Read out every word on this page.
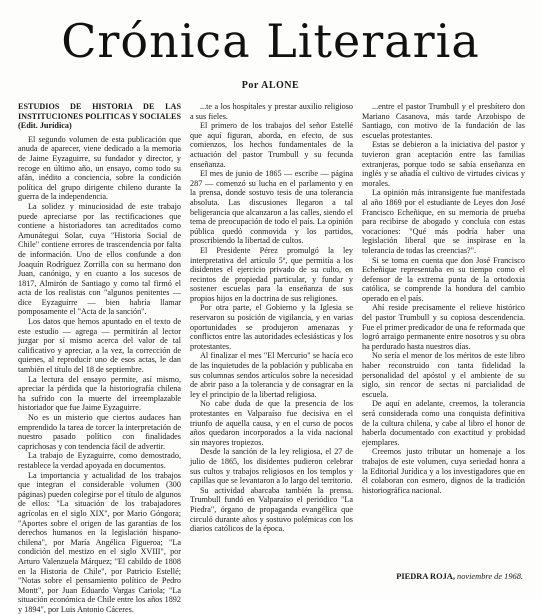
Crónica Literaria
Por ALONE

ESTUDIOS DE HISTORIA DE LAS INSTITUCIONES POLITICAS Y SOCIALES (Edit. Jurídica)

El segundo volumen de esta publicación que anuda de aparecer, viene dedicado a la memoria de Jaime Eyzaguirre, su fundador y director, y recoge en último año, un ensayo, como todo su afán, inédito a conciencia, sobre la condición política del grupo dirigente chileno durante la guerra de la independencia.

La solidez y minuciosidad de este trabajo puede apreciarse por las rectificaciones que contiene a historiadores tan acreditados como Amunátegui Solar, cuya "Historia Social de Chile" contiene errores de trascendencia por falta de información. Uno de ellos confunde a don Joaquín Rodríguez Zorrilla con su hermano don Juan, canónigo, y en cuanto a los sucesos de 1817, Almirón de Santiago y como tal firmó el acta de los realistas con "algunos penitentes — dice Eyzaguirre — bien habría llamar pomposamente el "Acta de la sanción".

Los datos que hemos apuntado en el texto de este estudio — agrega — permitirán al lector juzgar por sí mismo acerca del valor de tal calificativo y apreciar, a la vez, la corrección de quienes, al reproducir uno de esos actas, le dan también el título del 18 de septiembre.

La lectura del ensayo permite, así mismo, apreciar la pérdida que la historiografía chilena ha sufrido con la muerte del irreemplazable historiador que fue Jaime Eyzaguirre.

No es un misterio que ciertos audaces han emprendido la tarea de torcer la interpretación de nuestro pasado político con finalidades caprichosas y con tendencia fácil de advertir.

La trabajo de Eyzaguirre, como demostrado, restablece la verdad apoyada en documentos.

La importancia y actualidad de los trabajos que integran el considerable volumen (300 páginas) pueden colegirse por el título de algunos de ellos: "La situación de los trabajadores agrícolas en el siglo XIX", por Mario Góngora; "Aportes sobre el origen de las garantías de los derechos humanos en la legislación hispano-chilena", por María Angélica Figueroa; "La condición del mestizo en el siglo XVIII", por Arturo Valenzuela Márquez; "El cabildo de 1808 en la Historia de Chile", por Patricio Estellé; "Notas sobre el pensamiento político de Pedro Montt", por Juan Eduardo Vargas Cariola; "La situación económica de Chile entre los años 1892 y 1894", por Luis Antonio Cáceres.

...te a los hospitales y prestar auxilio religioso a sus fieles.

El primero de los trabajos del señor Estellé que aquí figuran, aborda, en efecto, de sus comienzos, los hechos fundamentales de la actuación del pastor Trumbull y su fecunda enseñanza.

El mes de junio de 1865 — escribe — página 287 — comenzó su lucha en el parlamento y en la prensa, donde sostuvo tesis de una tolerancia absoluta. Las discusiones llegaron a tal beligerancia que alcanzaron a las calles, siendo el tema de preocupación de todo el país. La opinión pública quedó conmovida y los partidos, proscribiendo la libertad de cultos.

El Presidente Pérez promulgó la ley interpretativa del artículo 5º, que permitía a los disidentes el ejercicio privado de su culto, en recintos de propiedad particular, y fundar y sostener escuelas para la enseñanza de sus propios hijos en la doctrina de sus religiones.

Por otra parte, el Gobierno y la Iglesia se reservaron su posición de vigilancia, y en varias oportunidades se produjeron amenazas y conflictos entre las autoridades eclesiásticas y los protestantes.

Al finalizar el mes "El Mercurio" se hacía eco de las inquietudes de la población y publicaba en sus columnas sendos artículos sobre la necesidad de abrir paso a la tolerancia y de consagrar en la ley el principio de la libertad religiosa.

No cabe duda de que la presencia de los protestantes en Valparaíso fue decisiva en el triunfo de aquella causa, y en el curso de pocos años quedaron incorporados a la vida nacional sin mayores tropiezos.

Desde la sanción de la ley religiosa, el 27 de julio de 1865, los disidentes pudieron celebrar sus cultos y trabajos religiosos en los templos y capillas que se levantaron a lo largo del territorio.

Su actividad abarcaba también la prensa. Trumbull fundó en Valparaíso el periódico "La Piedra", órgano de propaganda evangélica que circuló durante años y sostuvo polémicas con los diarios católicos de la época.

...entre el pastor Trumbull y el presbítero don Mariano Casanova, más tarde Arzobispo de Santiago, con motivo de la fundación de las escuelas protestantes.

Estas se debieron a la iniciativa del pastor y tuvieron gran aceptación entre las familias extranjeras, porque todo se sabía enseñanza en inglés y se añadía el cultivo de virtudes cívicas y morales.

La opinión más intransigente fue manifestada al año 1869 por el estudiante de Leyes don José Francisco Echeñique, en su memoria de prueba para recibirse de abogado y concluía con estas vocaciones: "Qué más podría haber una legislación liberal que se inspirase en la tolerancia de todas las creencias?".

Si se toma en cuenta que don José Francisco Echeñique representaba en su tiempo como el defensor de la extrema punta de la ortodoxia católica, se comprende la hondura del cambio operado en el país.

Ahí reside precisamente el relieve histórico del pastor Trumbull y su copiosa descendencia. Fue el primer predicador de una fe reformada que logró arraigo permanente entre nosotros y su obra ha perdurado hasta nuestros días.

No sería el menor de los méritos de este libro haber reconstruido con tanta fidelidad la personalidad del apóstol y el ambiente de su siglo, sin rencor de sectas ni parcialidad de escuela.

De aquí en adelante, creemos, la tolerancia será considerada como una conquista definitiva de la cultura chilena, y cabe al libro el honor de haberla documentado con exactitud y probidad ejemplares.

Creemos justo tributar un homenaje a los trabajos de este volumen, cuya seriedad honra a la Editorial Jurídica y a los investigadores que en él colaboran con esmero, dignos de la tradición historiográfica nacional.

PIEDRA ROJA, noviembre de 1968.
